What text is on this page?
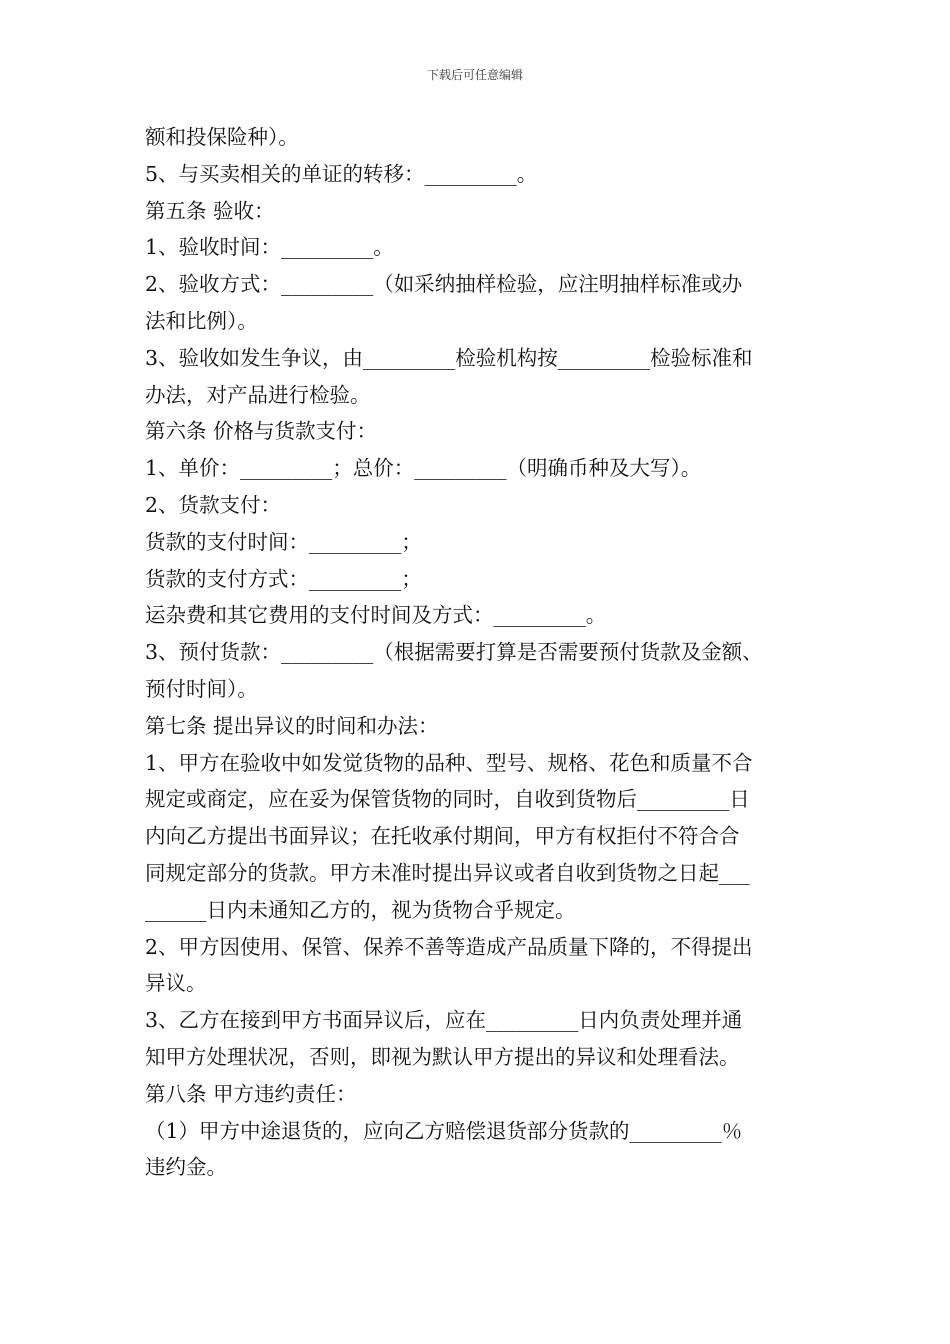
下载后可任意编辑
额和投保险种）。
5、与买卖相关的单证的转移：_________。
第五条 验收：
1、验收时间：_________。
2、验收方式：_________（如采纳抽样检验，应注明抽样标准或办
法和比例）。
3、验收如发生争议，由_________检验机构按_________检验标准和
办法，对产品进行检验。
第六条 价格与货款支付：
1、单价：_________；总价：_________（明确币种及大写）。
2、货款支付：
货款的支付时间：_________；
货款的支付方式：_________；
运杂费和其它费用的支付时间及方式：_________。
3、预付货款：_________（根据需要打算是否需要预付货款及金额、
预付时间）。
第七条 提出异议的时间和办法：
1、甲方在验收中如发觉货物的品种、型号、规格、花色和质量不合
规定或商定，应在妥为保管货物的同时，自收到货物后_________日
内向乙方提出书面异议；在托收承付期间，甲方有权拒付不符合合
同规定部分的货款。甲方未准时提出异议或者自收到货物之日起___
______日内未通知乙方的，视为货物合乎规定。
2、甲方因使用、保管、保养不善等造成产品质量下降的，不得提出
异议。
3、乙方在接到甲方书面异议后，应在_________日内负责处理并通
知甲方处理状况，否则，即视为默认甲方提出的异议和处理看法。
第八条 甲方违约责任：
（1）甲方中途退货的，应向乙方赔偿退货部分货款的_________％
违约金。
